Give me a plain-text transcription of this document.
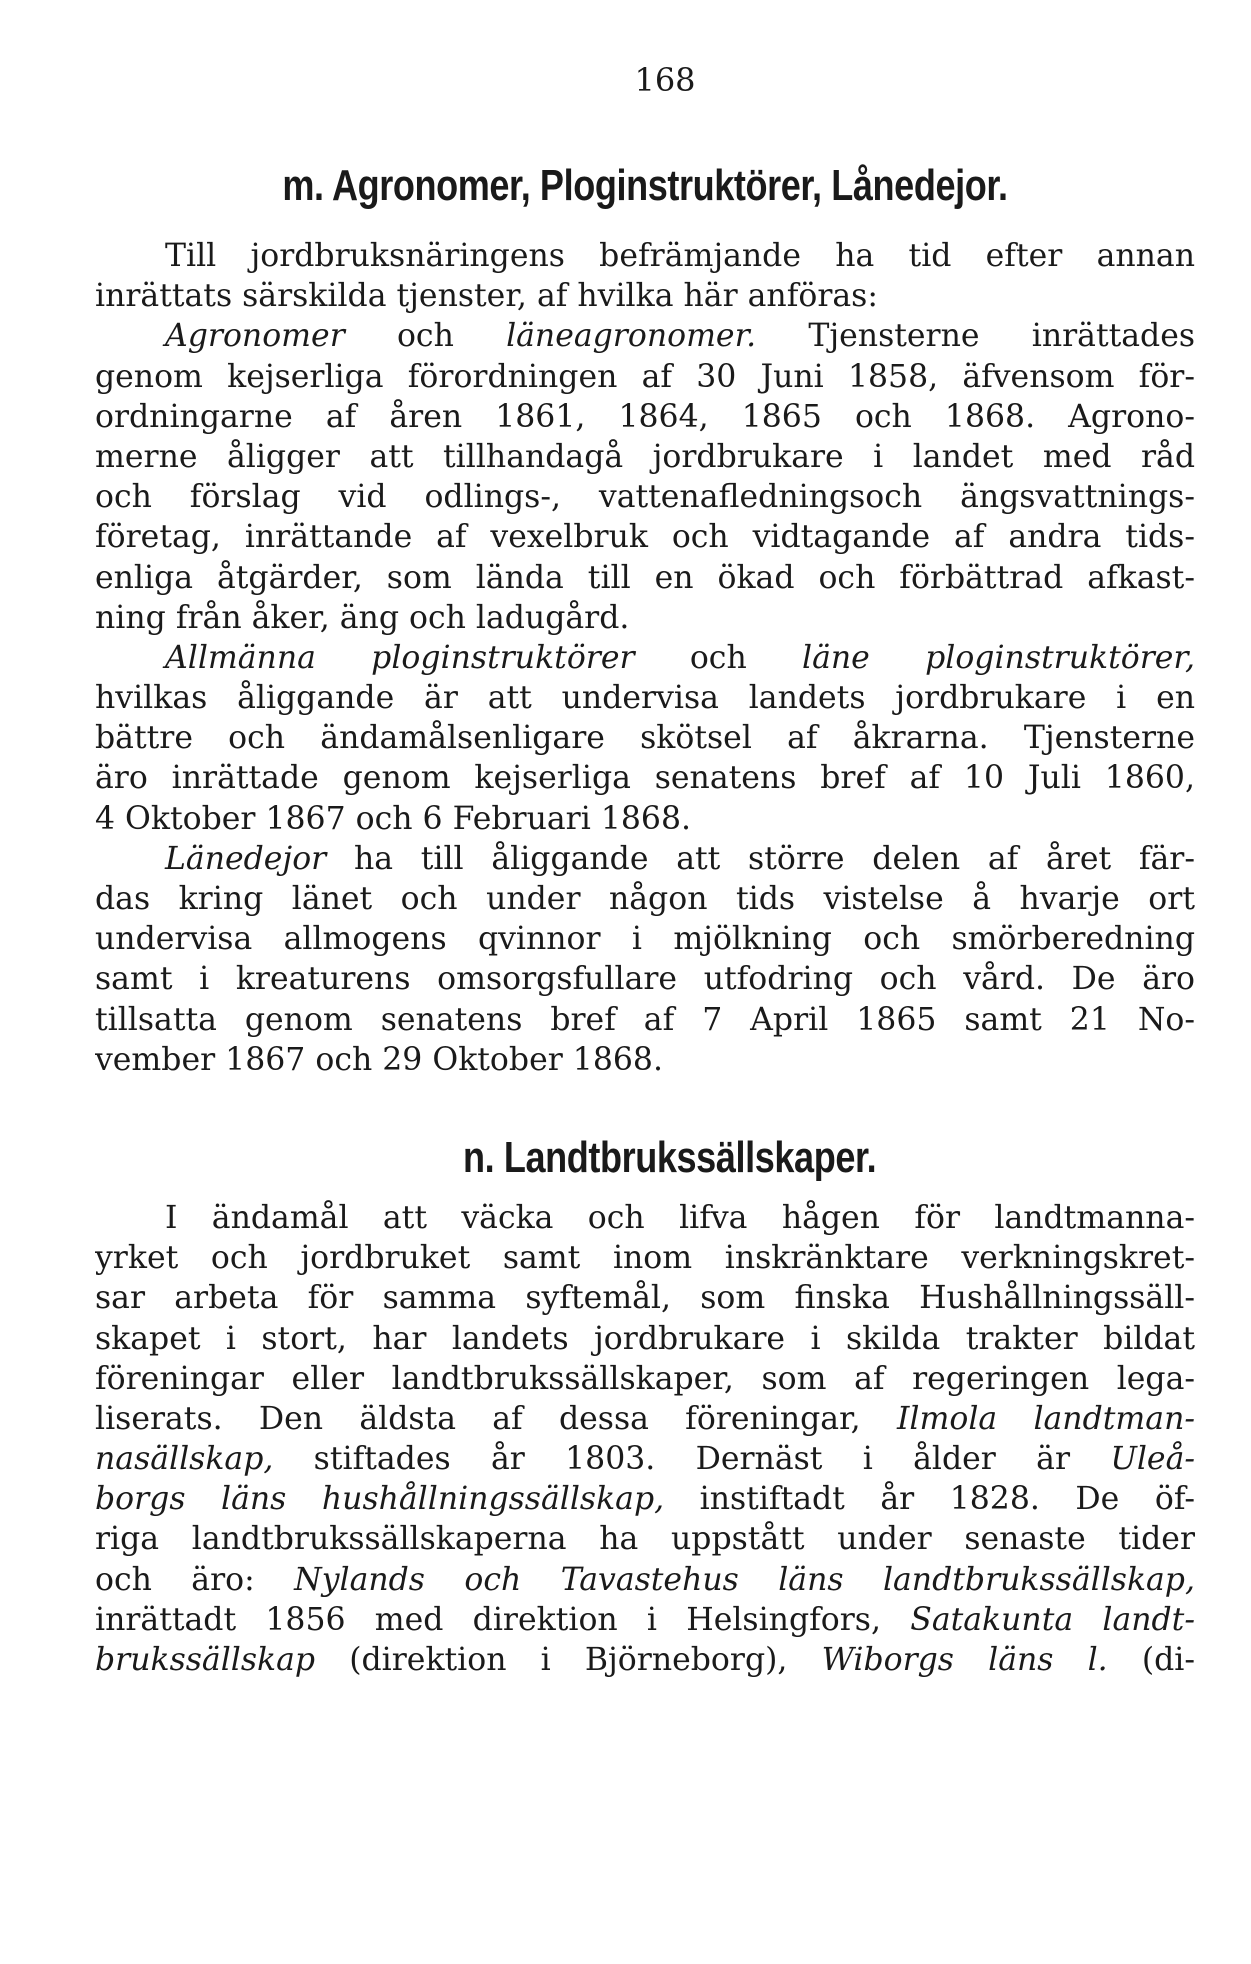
168
m. Agronomer, Ploginstruktörer, Lånedejor.
Till jordbruksnäringens befrämjande ha tid efter annan
inrättats särskilda tjenster, af hvilka här anföras:
Agronomer och läneagronomer. Tjensterne inrättades
genom kejserliga förordningen af 30 Juni 1858, äfvensom för-
ordningarne af åren 1861, 1864, 1865 och 1868. Agrono-
merne åligger att tillhandagå jordbrukare i landet med råd
och förslag vid odlings-, vattenafledningsoch ängsvattnings-
företag, inrättande af vexelbruk och vidtagande af andra tids-
enliga åtgärder, som lända till en ökad och förbättrad afkast-
ning från åker, äng och ladugård.
Allmänna ploginstruktörer och läne ploginstruktörer,
hvilkas åliggande är att undervisa landets jordbrukare i en
bättre och ändamålsenligare skötsel af åkrarna. Tjensterne
äro inrättade genom kejserliga senatens bref af 10 Juli 1860,
4 Oktober 1867 och 6 Februari 1868.
Länedejor ha till åliggande att större delen af året fär-
das kring länet och under någon tids vistelse å hvarje ort
undervisa allmogens qvinnor i mjölkning och smörberedning
samt i kreaturens omsorgsfullare utfodring och vård. De äro
tillsatta genom senatens bref af 7 April 1865 samt 21 No-
vember 1867 och 29 Oktober 1868.
n. Landtbrukssällskaper.
I ändamål att väcka och lifva hågen för landtmanna-
yrket och jordbruket samt inom inskränktare verkningskret-
sar arbeta för samma syftemål, som finska Hushållningssäll-
skapet i stort, har landets jordbrukare i skilda trakter bildat
föreningar eller landtbrukssällskaper, som af regeringen lega-
liserats. Den äldsta af dessa föreningar, Ilmola landtman-
nasällskap, stiftades år 1803. Dernäst i ålder är Uleå-
borgs läns hushållningssällskap, instiftadt år 1828. De öf-
riga landtbrukssällskaperna ha uppstått under senaste tider
och äro: Nylands och Tavastehus läns landtbrukssällskap,
inrättadt 1856 med direktion i Helsingfors, Satakunta landt-
brukssällskap (direktion i Björneborg), Wiborgs läns l. (di-
